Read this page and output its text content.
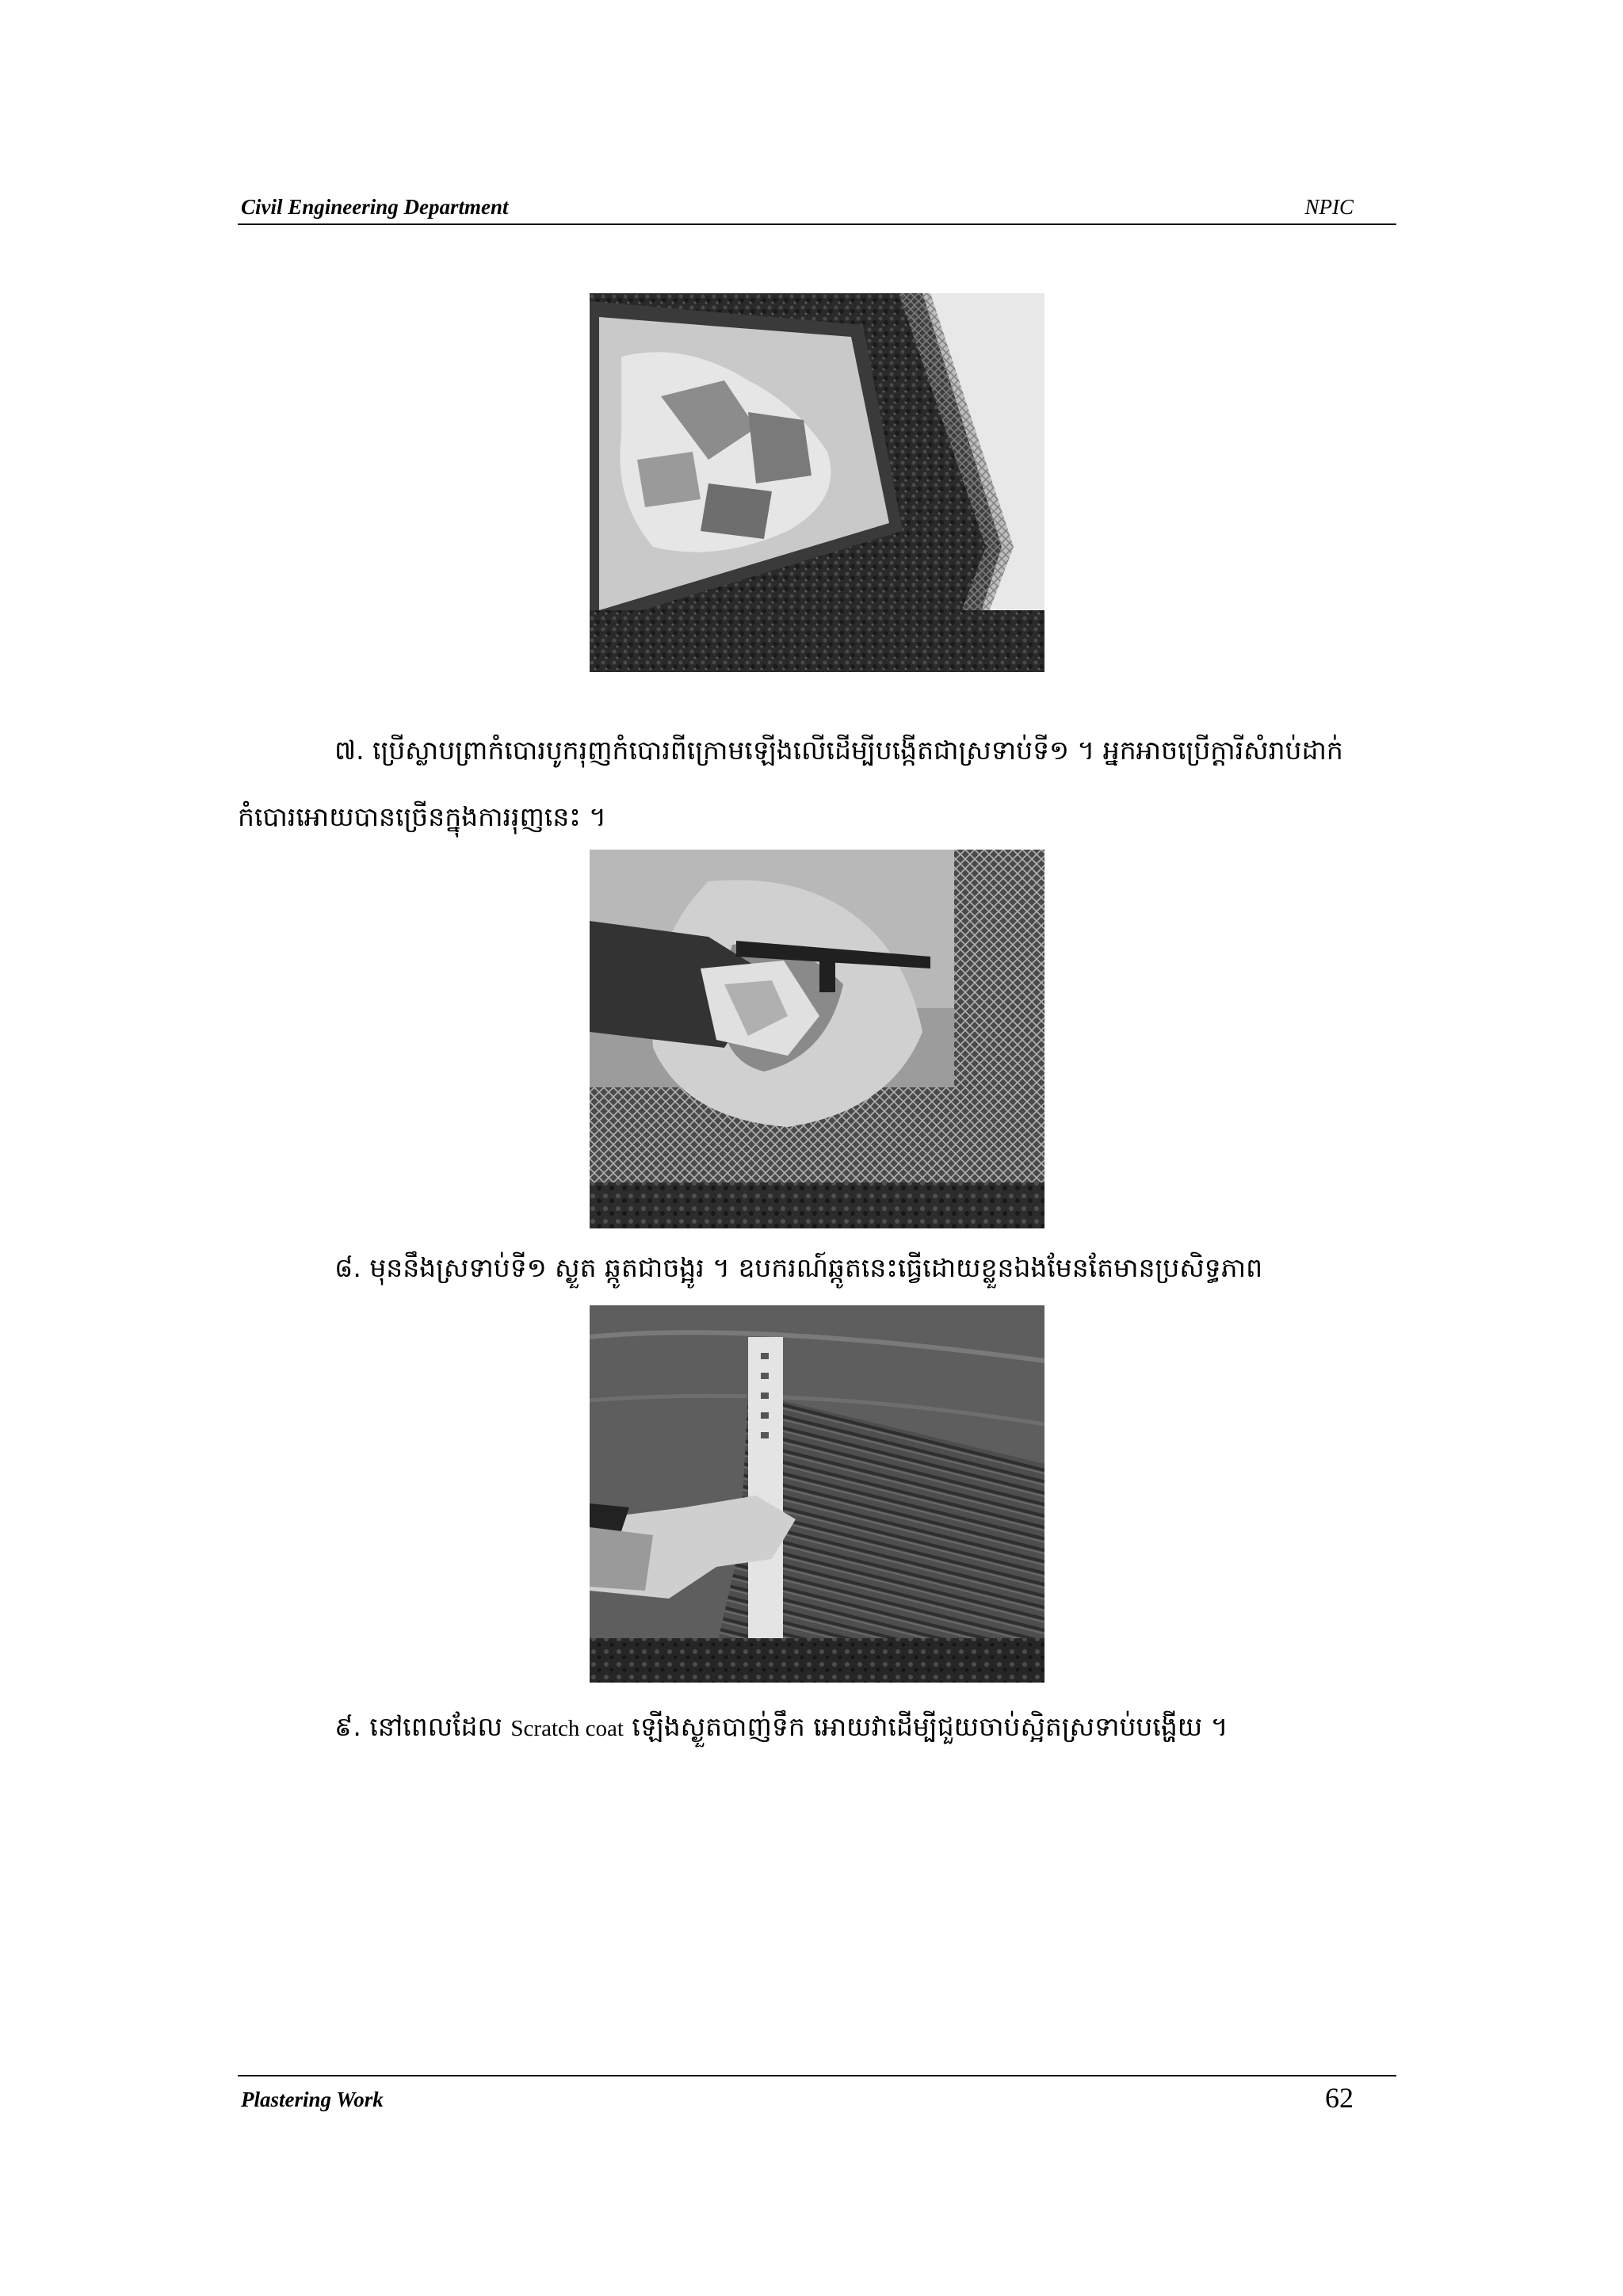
Civil Engineering Department	NPIC
៧. ប្រើស្លាបព្រាកំបោរបូករុញកំបោរពីក្រោមឡើងលើដើម្បីបង្កើតជាស្រទាប់ទី១ ។ អ្នកអាចប្រើក្តារីសំរាប់ដាក់កំបោរអោយបានច្រើនក្នុងការរុញនេះ ។
៨. មុននឹងស្រទាប់ទី១ ស្ងួត ឆ្កូតជាចង្អូរ ។ ឧបករណ៍ឆ្កូតនេះធ្វើដោយខ្លួនឯងមែនតែមានប្រសិទ្ធភាព
៩. នៅពេលដែល Scratch coat ឡើងស្ងួតបាញ់ទឹក អោយវាដើម្បីជួយចាប់ស្អិតស្រទាប់បង្ហើយ ។
Plastering Work	62
